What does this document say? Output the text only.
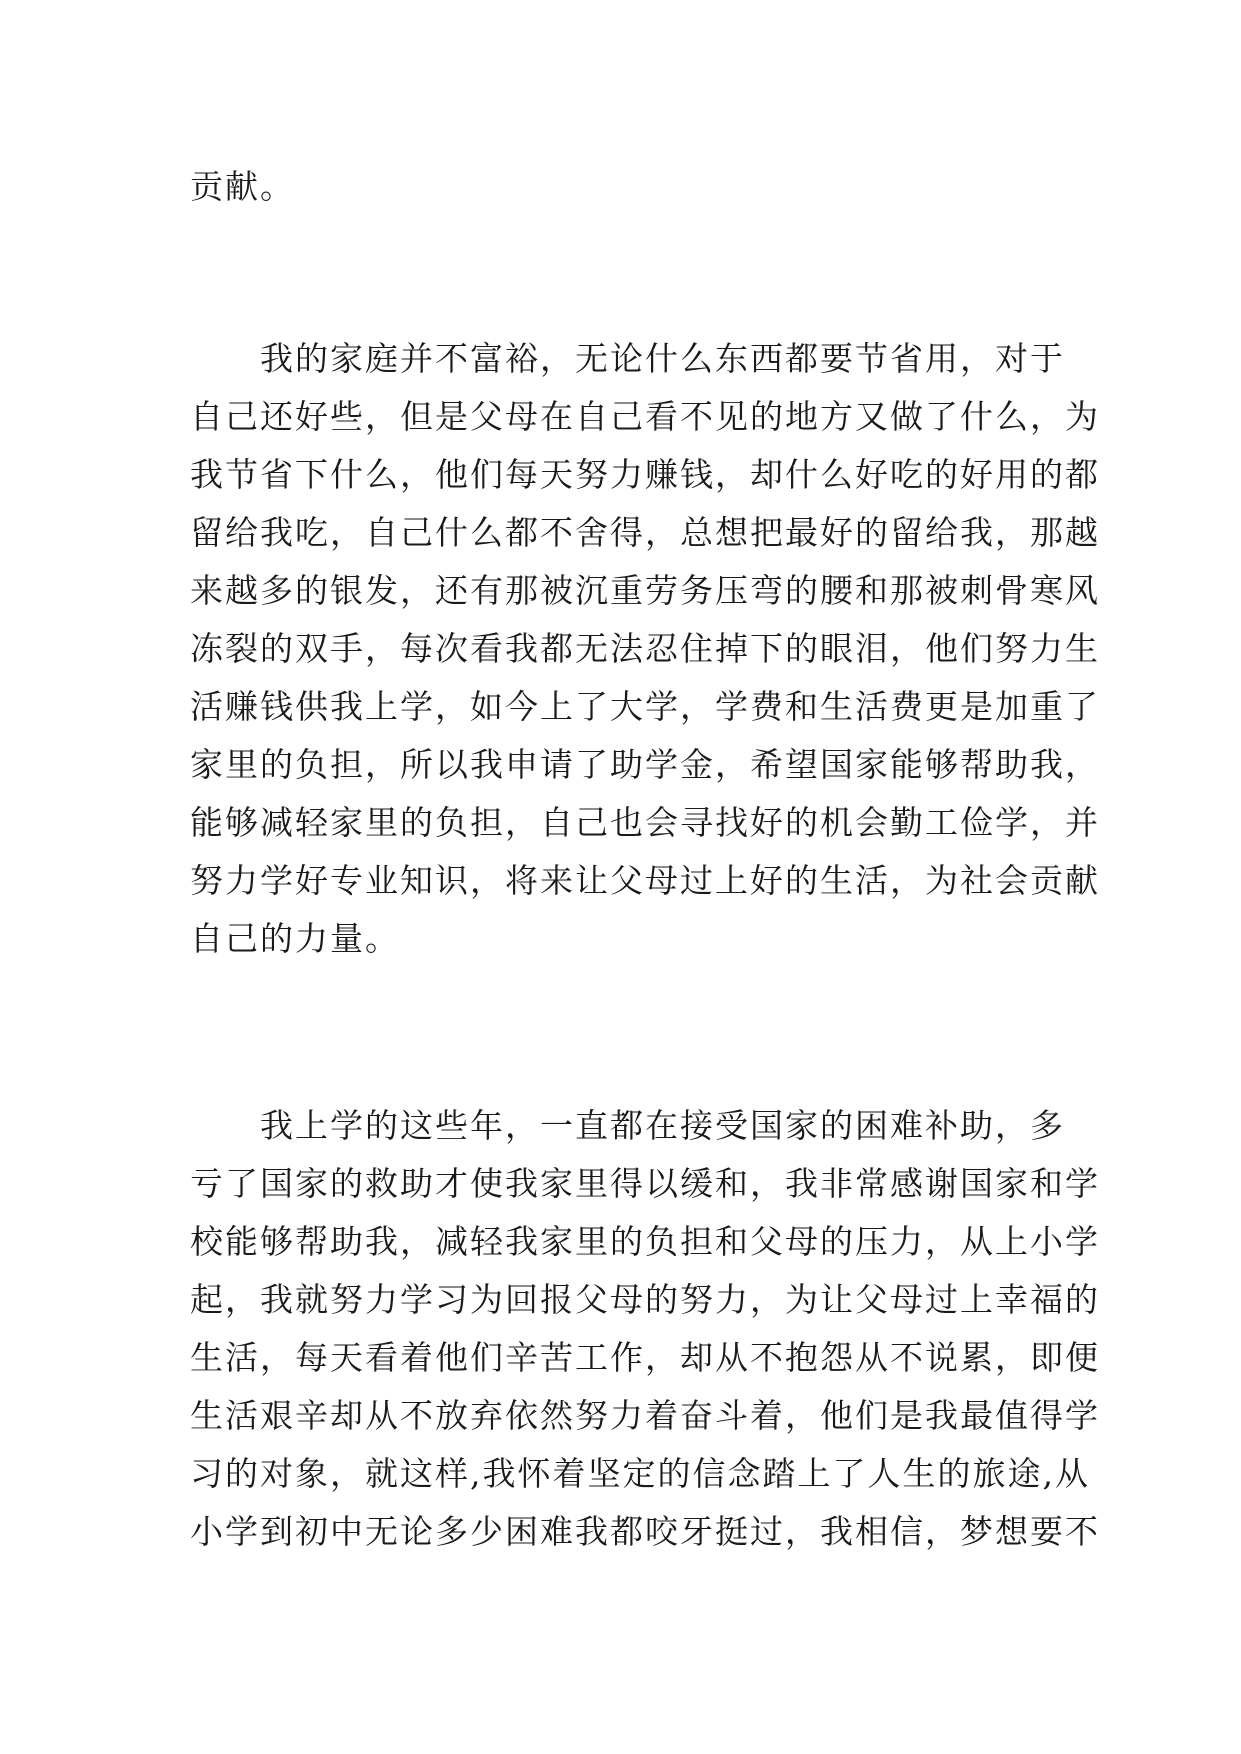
贡献。
　　我的家庭并不富裕，无论什么东西都要节省用，对于
自己还好些，但是父母在自己看不见的地方又做了什么，为
我节省下什么，他们每天努力赚钱，却什么好吃的好用的都
留给我吃，自己什么都不舍得，总想把最好的留给我，那越
来越多的银发，还有那被沉重劳务压弯的腰和那被刺骨寒风
冻裂的双手，每次看我都无法忍住掉下的眼泪，他们努力生
活赚钱供我上学，如今上了大学，学费和生活费更是加重了
家里的负担，所以我申请了助学金，希望国家能够帮助我，
能够减轻家里的负担，自己也会寻找好的机会勤工俭学，并
努力学好专业知识，将来让父母过上好的生活，为社会贡献
自己的力量。
　　我上学的这些年，一直都在接受国家的困难补助，多
亏了国家的救助才使我家里得以缓和，我非常感谢国家和学
校能够帮助我，减轻我家里的负担和父母的压力，从上小学
起，我就努力学习为回报父母的努力，为让父母过上幸福的
生活，每天看着他们辛苦工作，却从不抱怨从不说累，即便
生活艰辛却从不放弃依然努力着奋斗着，他们是我最值得学
习的对象，就这样,我怀着坚定的信念踏上了人生的旅途,从
小学到初中无论多少困难我都咬牙挺过，我相信，梦想要不
